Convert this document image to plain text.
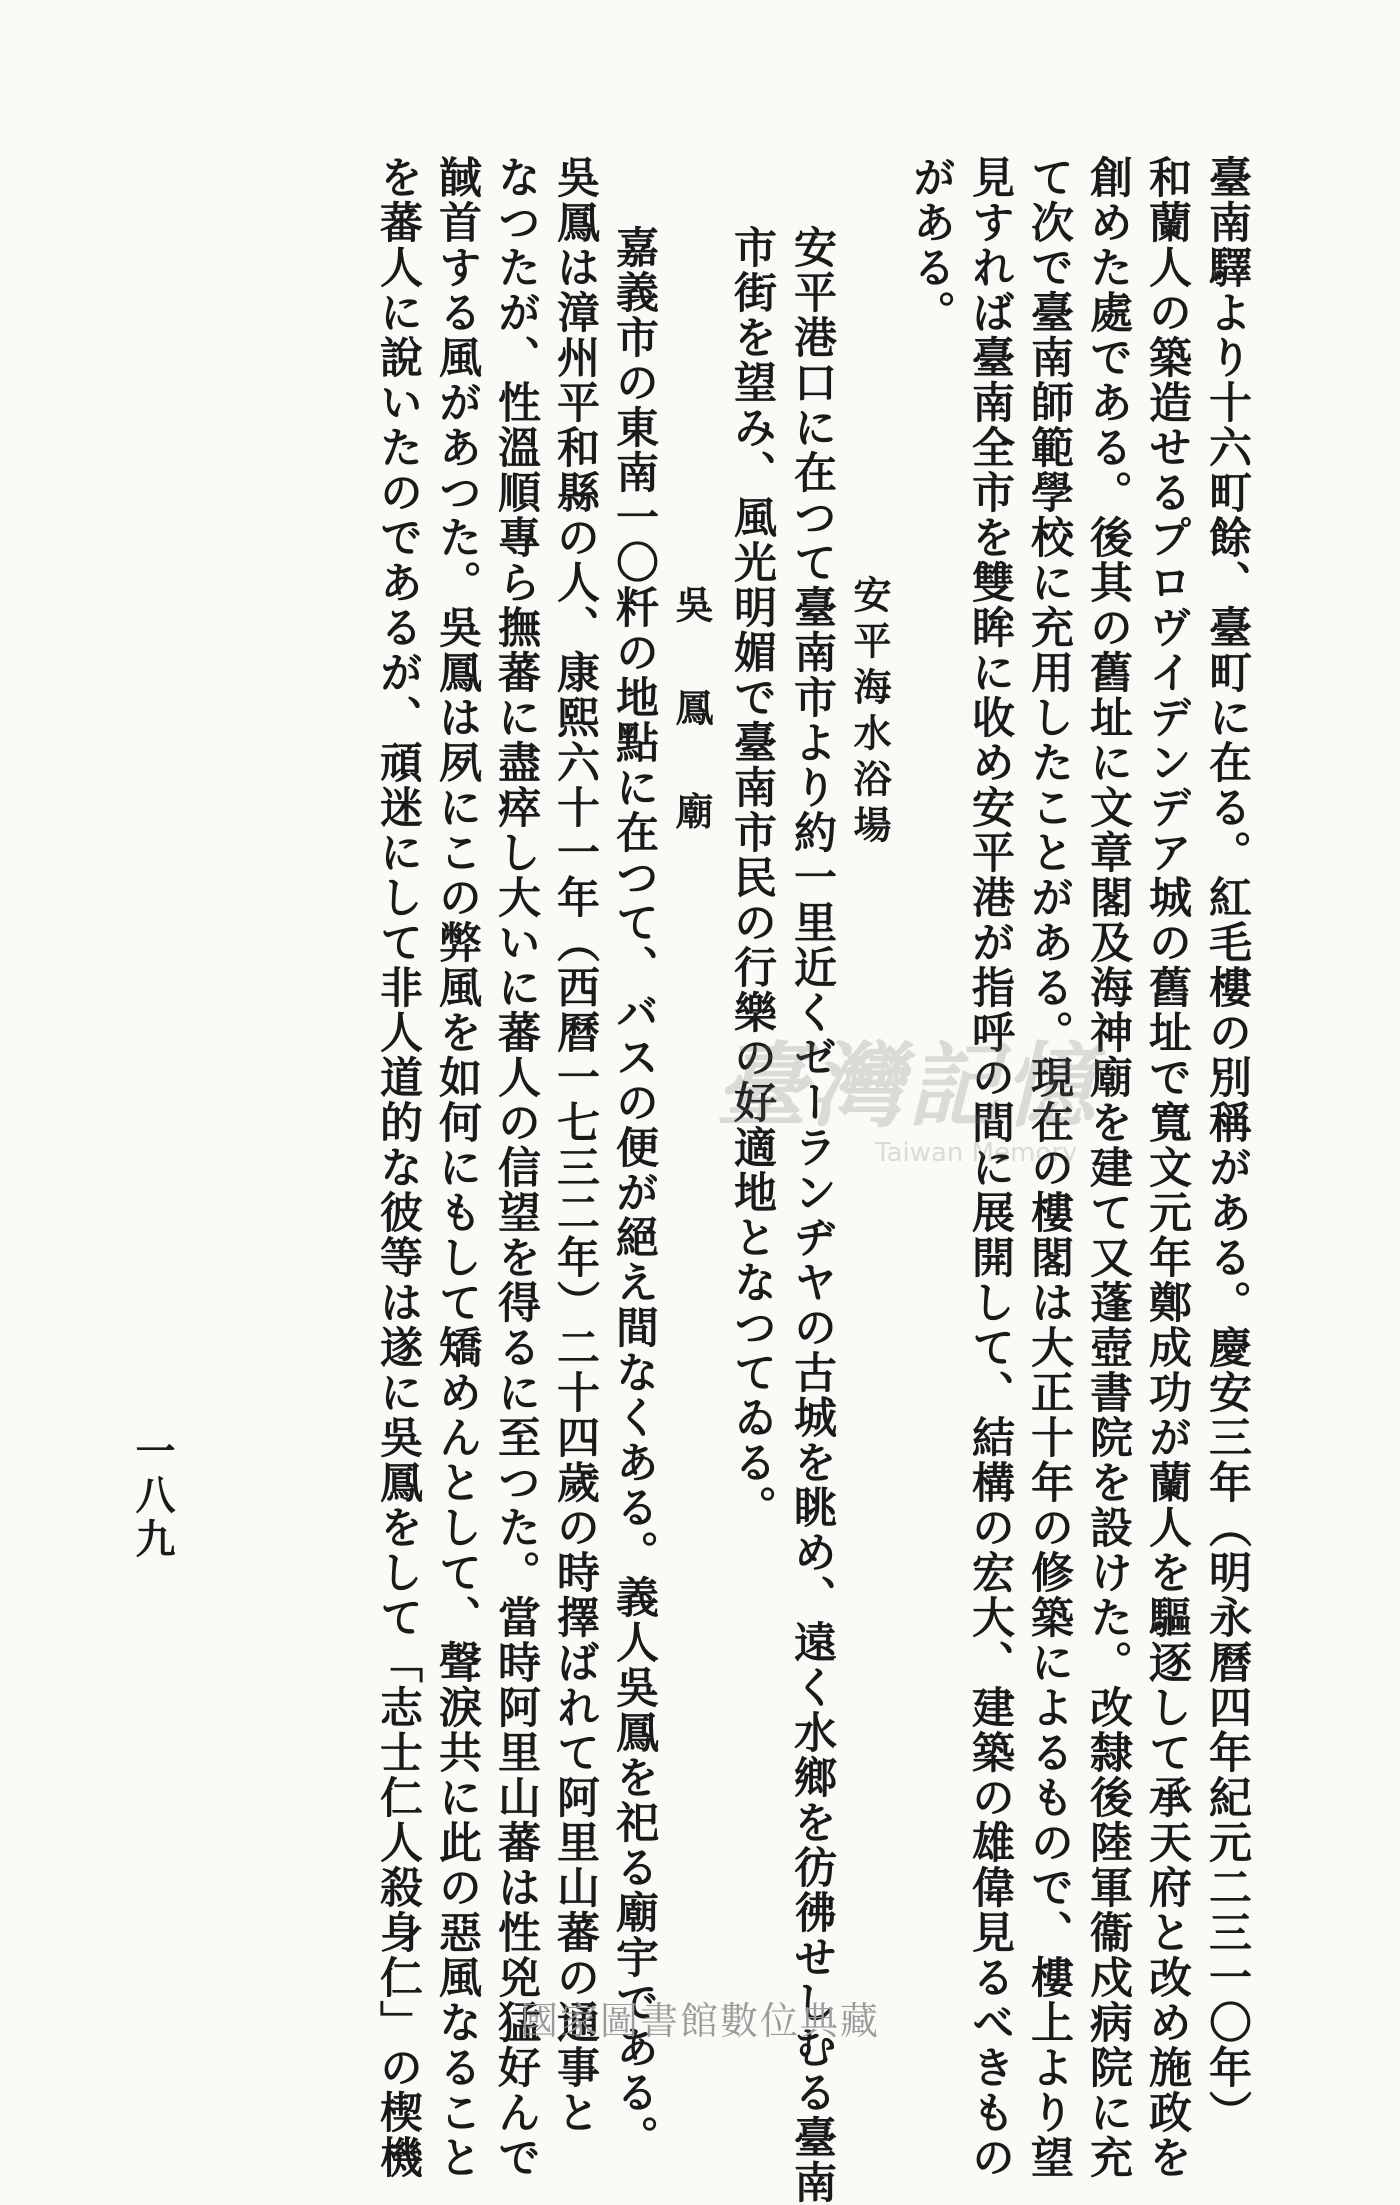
臺南驛より十六町餘、臺町に在る。紅毛樓の別稱がある。慶安三年（明永曆四年紀元二三一〇年）
和蘭人の築造せるプロヴイデンデア城の舊址で寬文元年鄭成功が蘭人を驅逐して承天府と改め施政を
創めた處である。後其の舊址に文章閣及海神廟を建て又蓬壺書院を設けた。改隸後陸軍衞戍病院に充
て次で臺南師範學校に充用したことがある。現在の樓閣は大正十年の修築によるもので、樓上より望
見すれば臺南全市を雙眸に收め安平港が指呼の間に展開して、結構の宏大、建築の雄偉見るべきもの
がある。
安平海水浴場
安平港口に在つて臺南市より約一里近くゼーランヂヤの古城を眺め、遠く水鄉を彷彿せしむる臺南
市街を望み、風光明媚で臺南市民の行樂の好適地となつてゐる。
吳 鳳 廟
嘉義市の東南一〇粁の地點に在つて、バスの便が絕え間なくある。義人吳鳳を祀る廟宇である。
吳鳳は漳州平和縣の人、康熙六十一年（西曆一七三二年）二十四歲の時擇ばれて阿里山蕃の通事と
なつたが、性溫順專ら撫蕃に盡瘁し大いに蕃人の信望を得るに至つた。當時阿里山蕃は性兇猛好んで
馘首する風があつた。吳鳳は夙にこの弊風を如何にもして矯めんとして、聲淚共に此の惡風なること
を蕃人に說いたのであるが、頑迷にして非人道的な彼等は遂に吳鳳をして「志士仁人殺身仁」の楔機
一八九
臺灣記憶
Taiwan Memory
國家圖書館數位典藏
